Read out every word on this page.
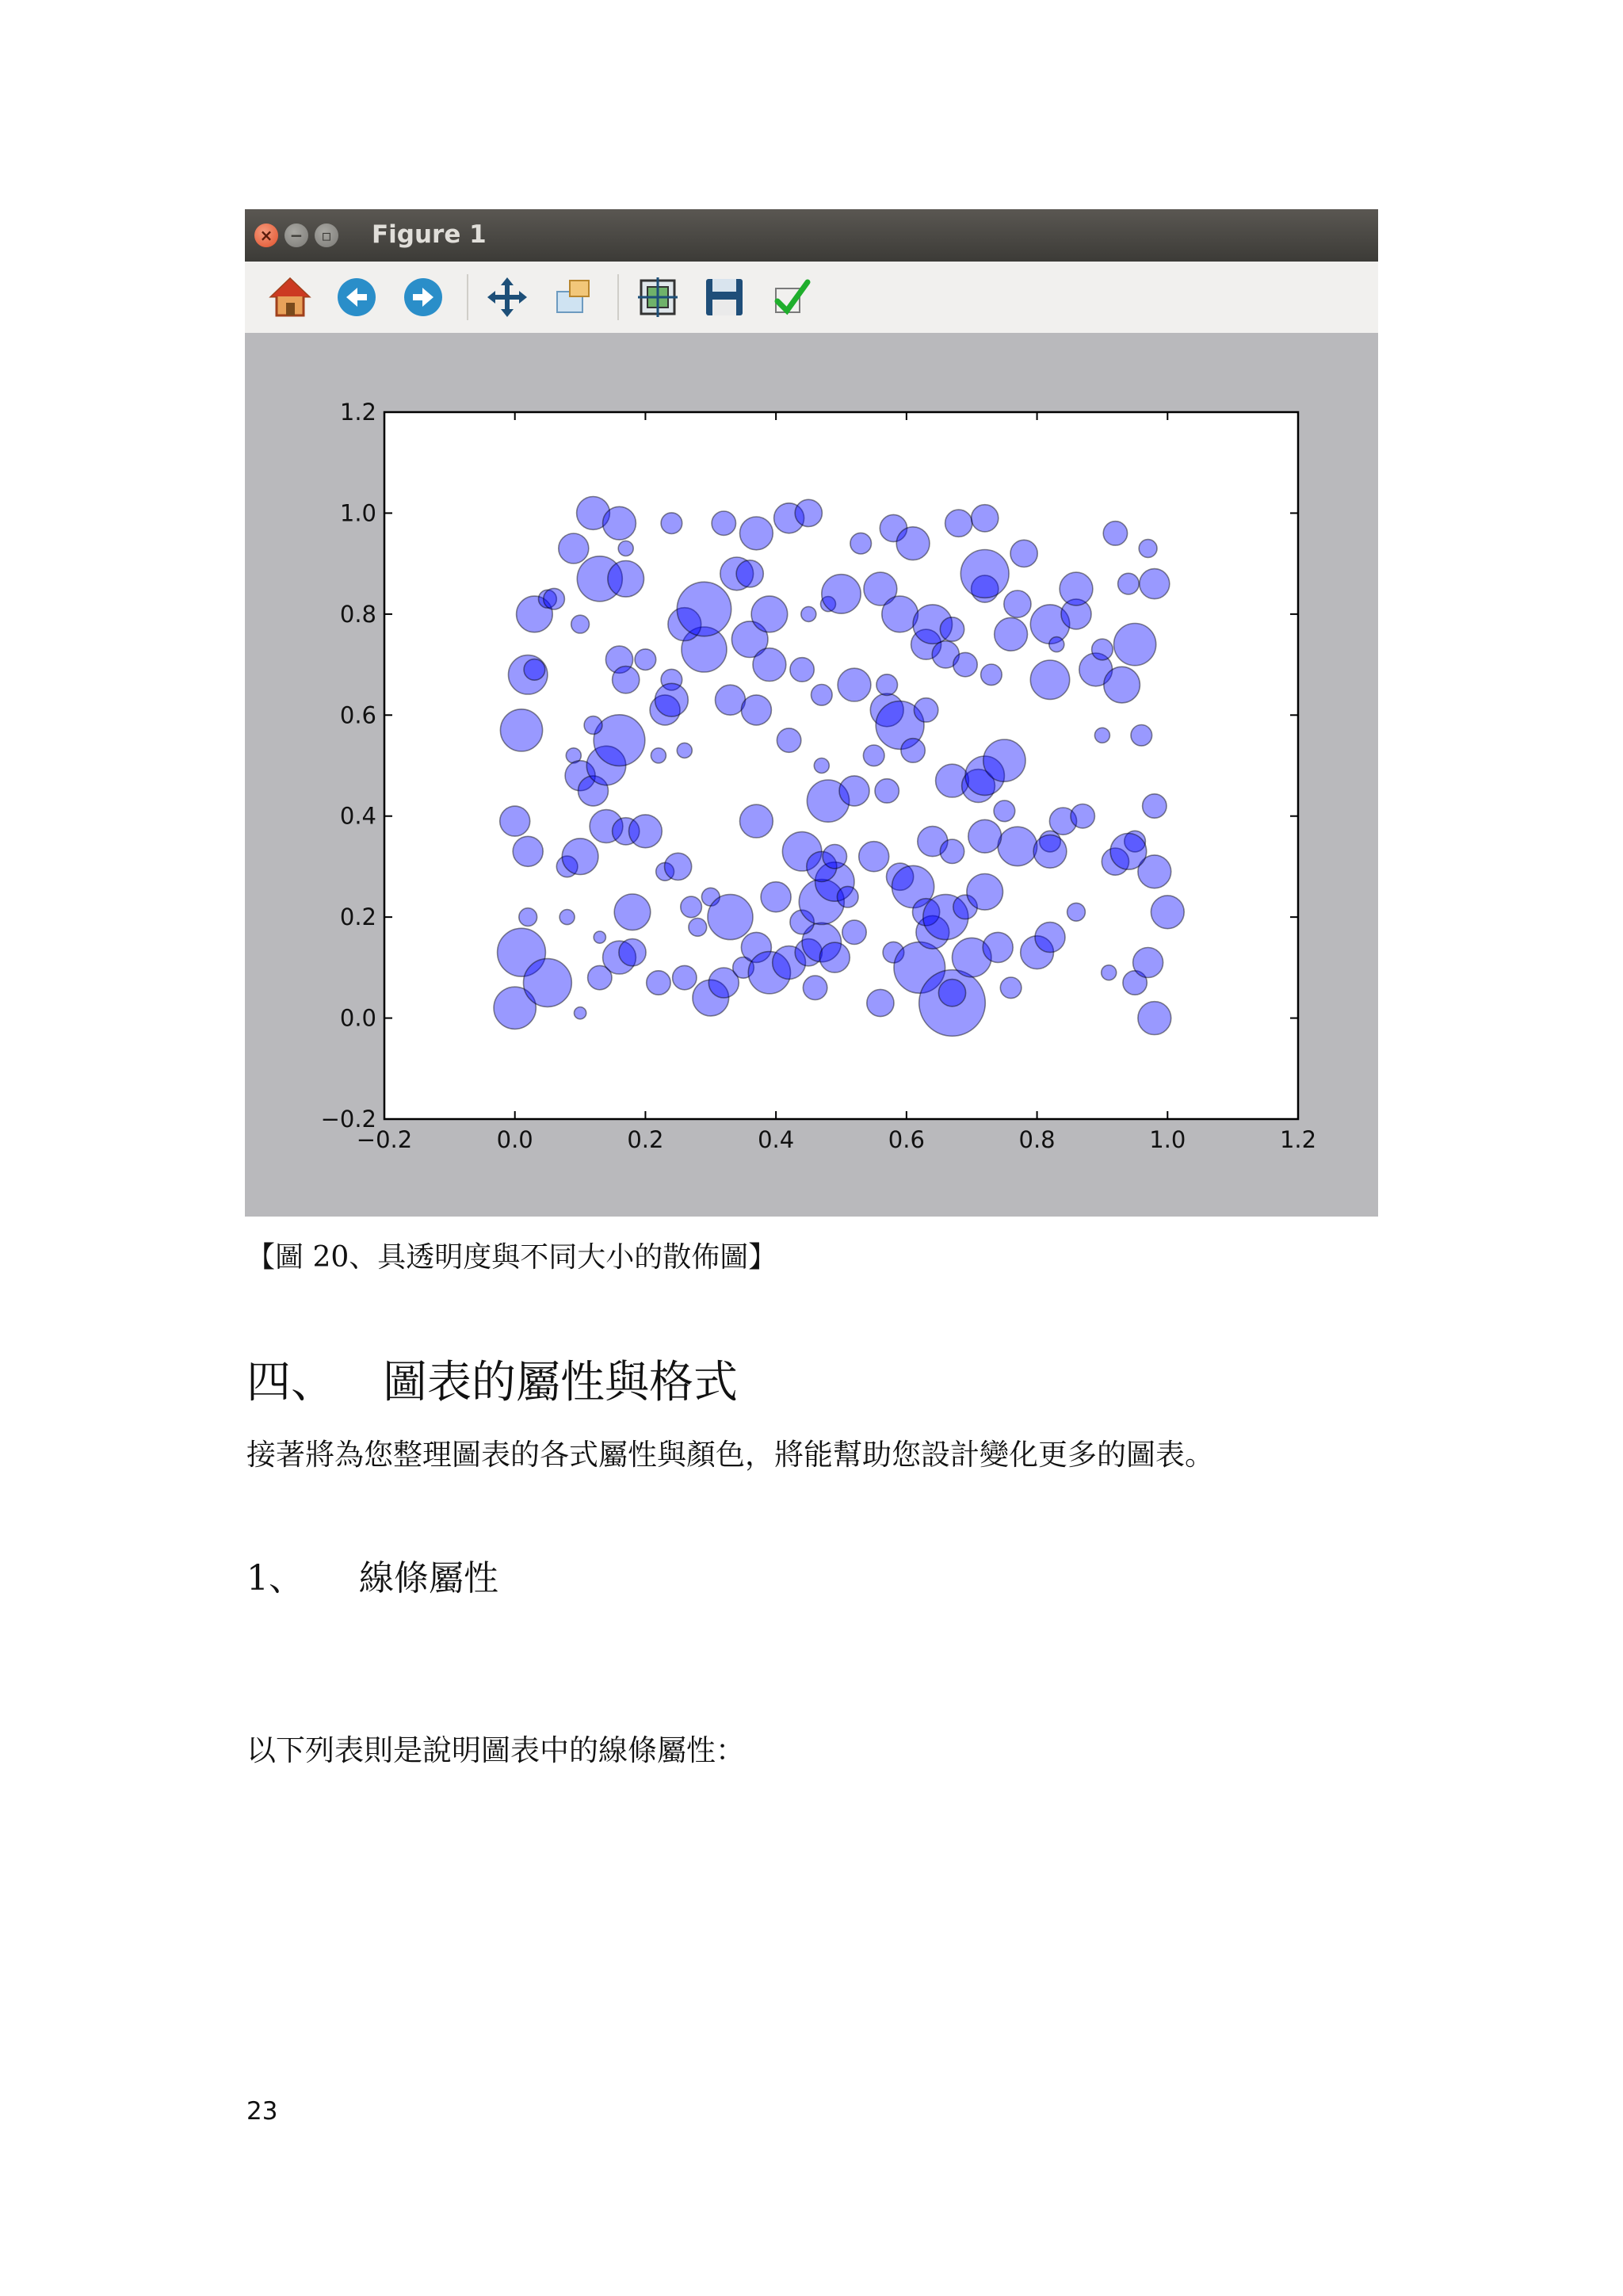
×	−	▫ Figure 1
−0.2	0.0	0.2	0.4	0.6	0.8	1.0	1.2
−0.2
0.0
0.2
0.4
0.6
0.8
1.0
1.2
【圖 20、具透明度與不同大小的散佈圖】
四、 圖表的屬性與格式
接著將為您整理圖表的各式屬性與顏色，將能幫助您設計變化更多的圖表。
1、 線條屬性
以下列表則是說明圖表中的線條屬性：
23
